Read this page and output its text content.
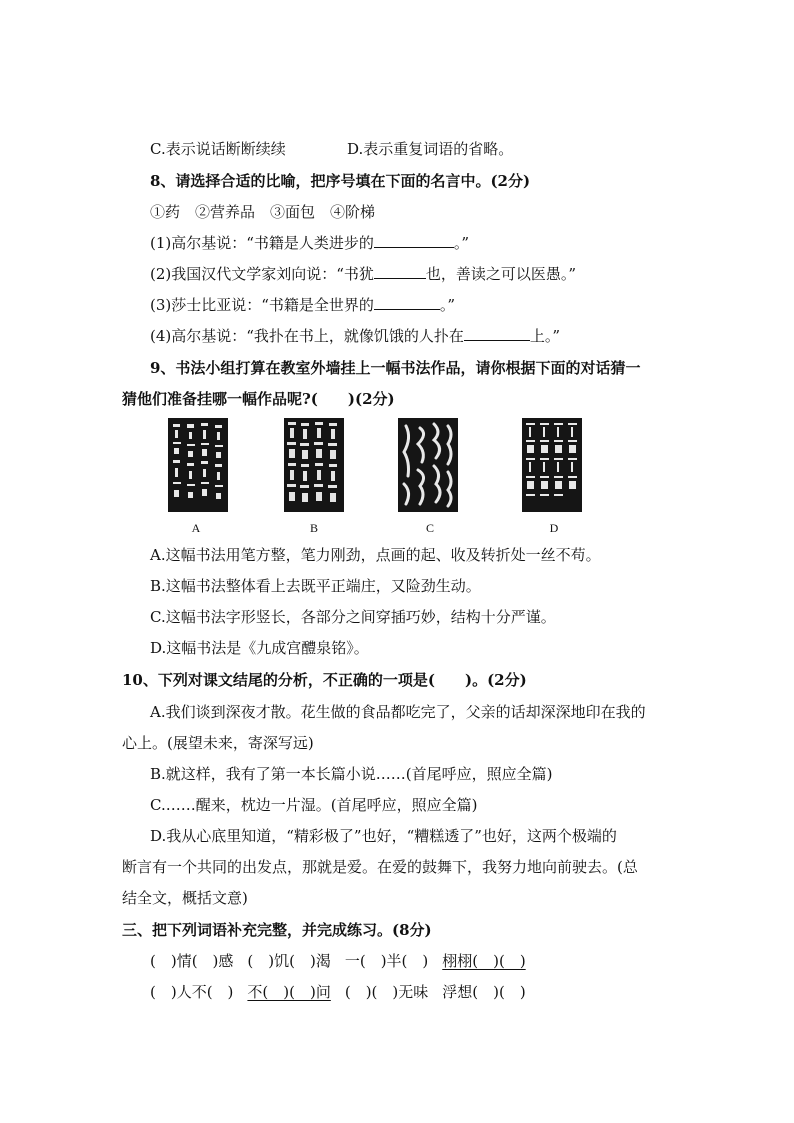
C.表示说话断断续续	D.表示重复词语的省略。
8、请选择合适的比喻，把序号填在下面的名言中。(2分)
①药　②营养品　③面包　④阶梯
(1)高尔基说：“书籍是人类进步的	。”
(2)我国汉代文学家刘向说：“书犹	也，善读之可以医愚。”
(3)莎士比亚说：“书籍是全世界的	。”
(4)高尔基说：“我扑在书上，就像饥饿的人扑在	上。”
9、书法小组打算在教室外墙挂上一幅书法作品，请你根据下面的对话猜一
猜他们准备挂哪一幅作品呢?(　　)(2分)
A	B	C	D
A.这幅书法用笔方整，笔力刚劲，点画的起、收及转折处一丝不苟。
B.这幅书法整体看上去既平正端庄，又险劲生动。
C.这幅书法字形竖长，各部分之间穿插巧妙，结构十分严谨。
D.这幅书法是《九成宫醴泉铭》。
10、下列对课文结尾的分析，不正确的一项是(　　)。(2分)
A.我们谈到深夜才散。花生做的食品都吃完了，父亲的话却深深地印在我的
心上。(展望未来，寄深写远)
B.就这样，我有了第一本长篇小说……(首尾呼应，照应全篇)
C.……醒来，枕边一片湿。(首尾呼应，照应全篇)
D.我从心底里知道，“精彩极了”也好，“糟糕透了”也好，这两个极端的
断言有一个共同的出发点，那就是爱。在爱的鼓舞下，我努力地向前驶去。(总
结全文，概括文意)
三、把下列词语补充完整，并完成练习。(8分)
(　)情(　)感 (　)饥(　)渴 一(　)半(　) 栩栩(　)(　)
(　)人不(　) 不(　)(　)问 (　)(　)无味 浮想(　)(　)
